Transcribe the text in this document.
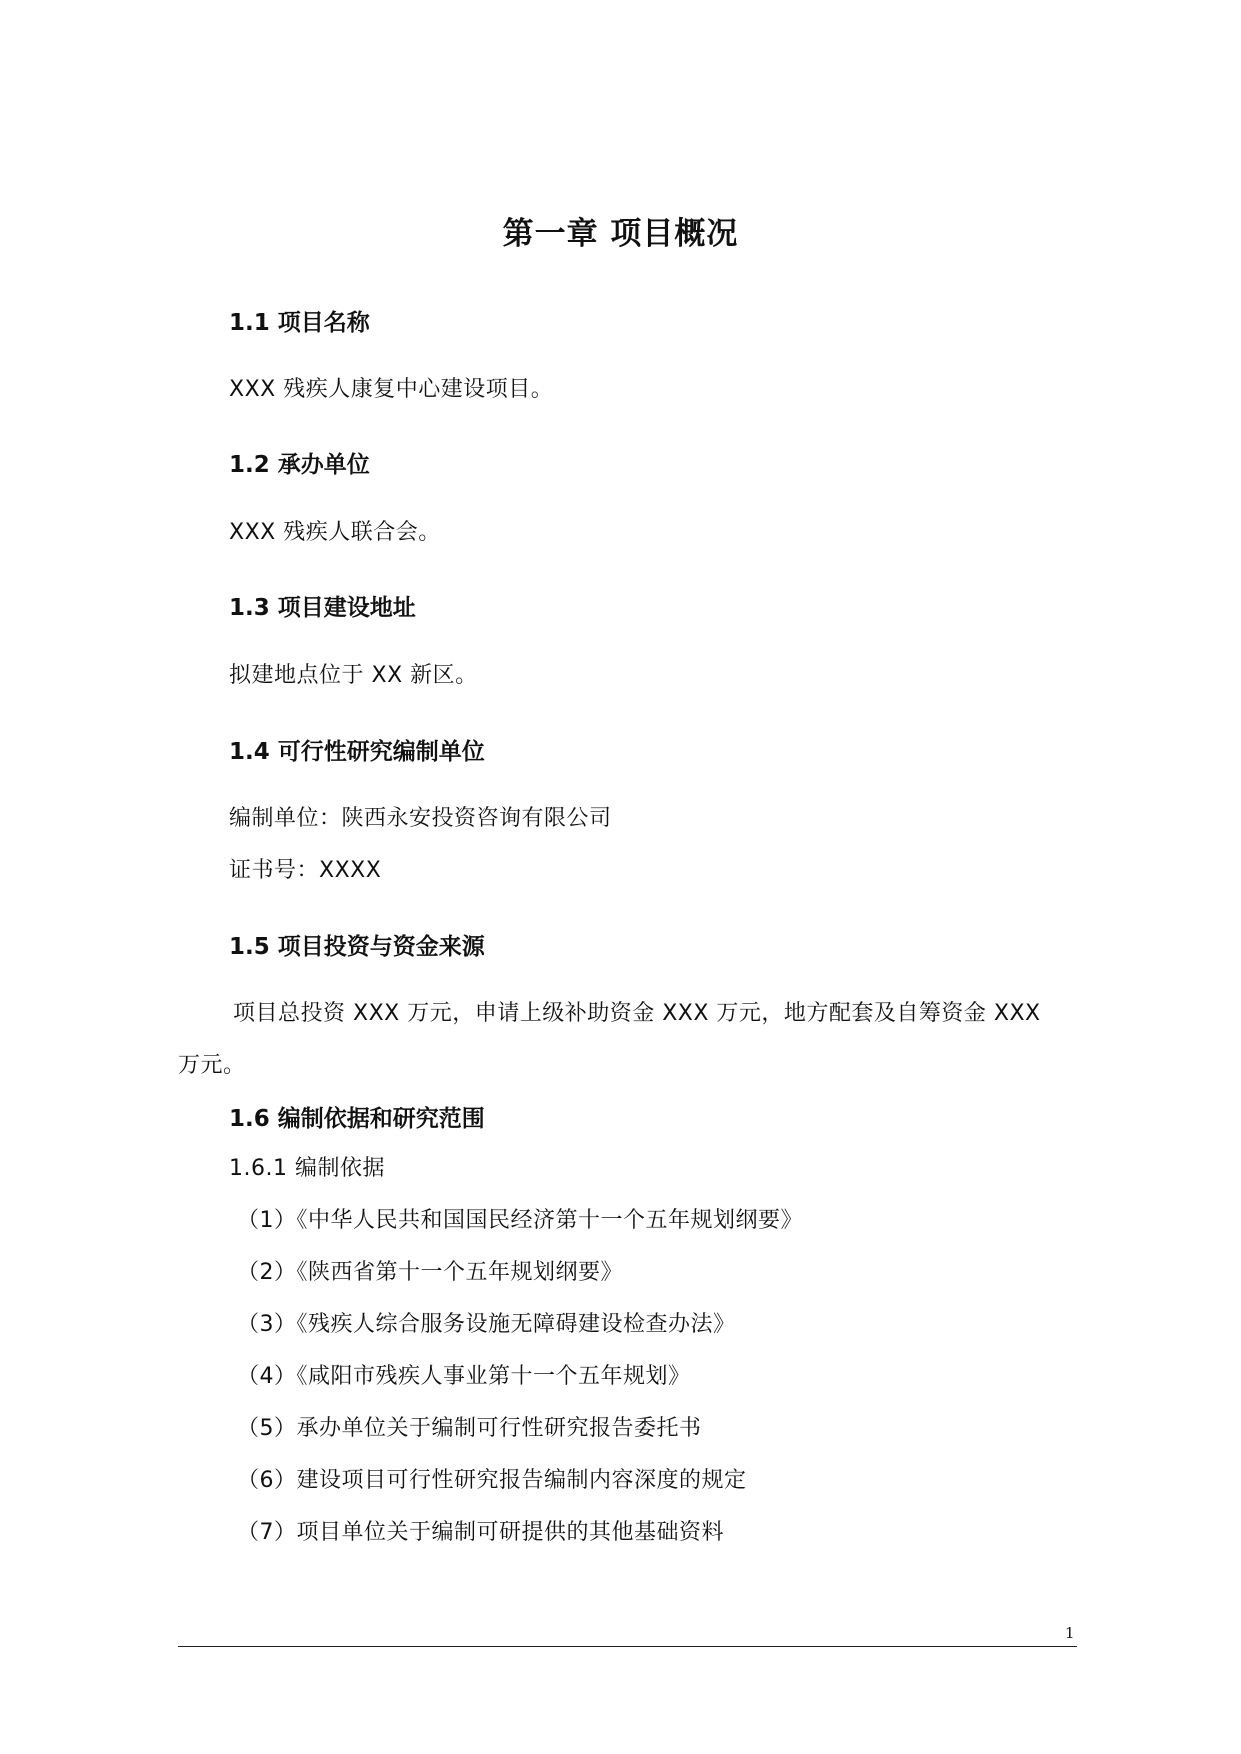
第一章 项目概况
1.1 项目名称
XXX 残疾人康复中心建设项目。
1.2 承办单位
XXX 残疾人联合会。
1.3 项目建设地址
拟建地点位于 XX 新区。
1.4 可行性研究编制单位
编制单位：陕西永安投资咨询有限公司
证书号：XXXX
1.5 项目投资与资金来源
项目总投资 XXX 万元，申请上级补助资金 XXX 万元，地方配套及自筹资金 XXX
万元。
1.6 编制依据和研究范围
1.6.1 编制依据
（1）《中华人民共和国国民经济第十一个五年规划纲要》
（2）《陕西省第十一个五年规划纲要》
（3）《残疾人综合服务设施无障碍建设检查办法》
（4）《咸阳市残疾人事业第十一个五年规划》
（5）承办单位关于编制可行性研究报告委托书
（6）建设项目可行性研究报告编制内容深度的规定
（7）项目单位关于编制可研提供的其他基础资料
1
